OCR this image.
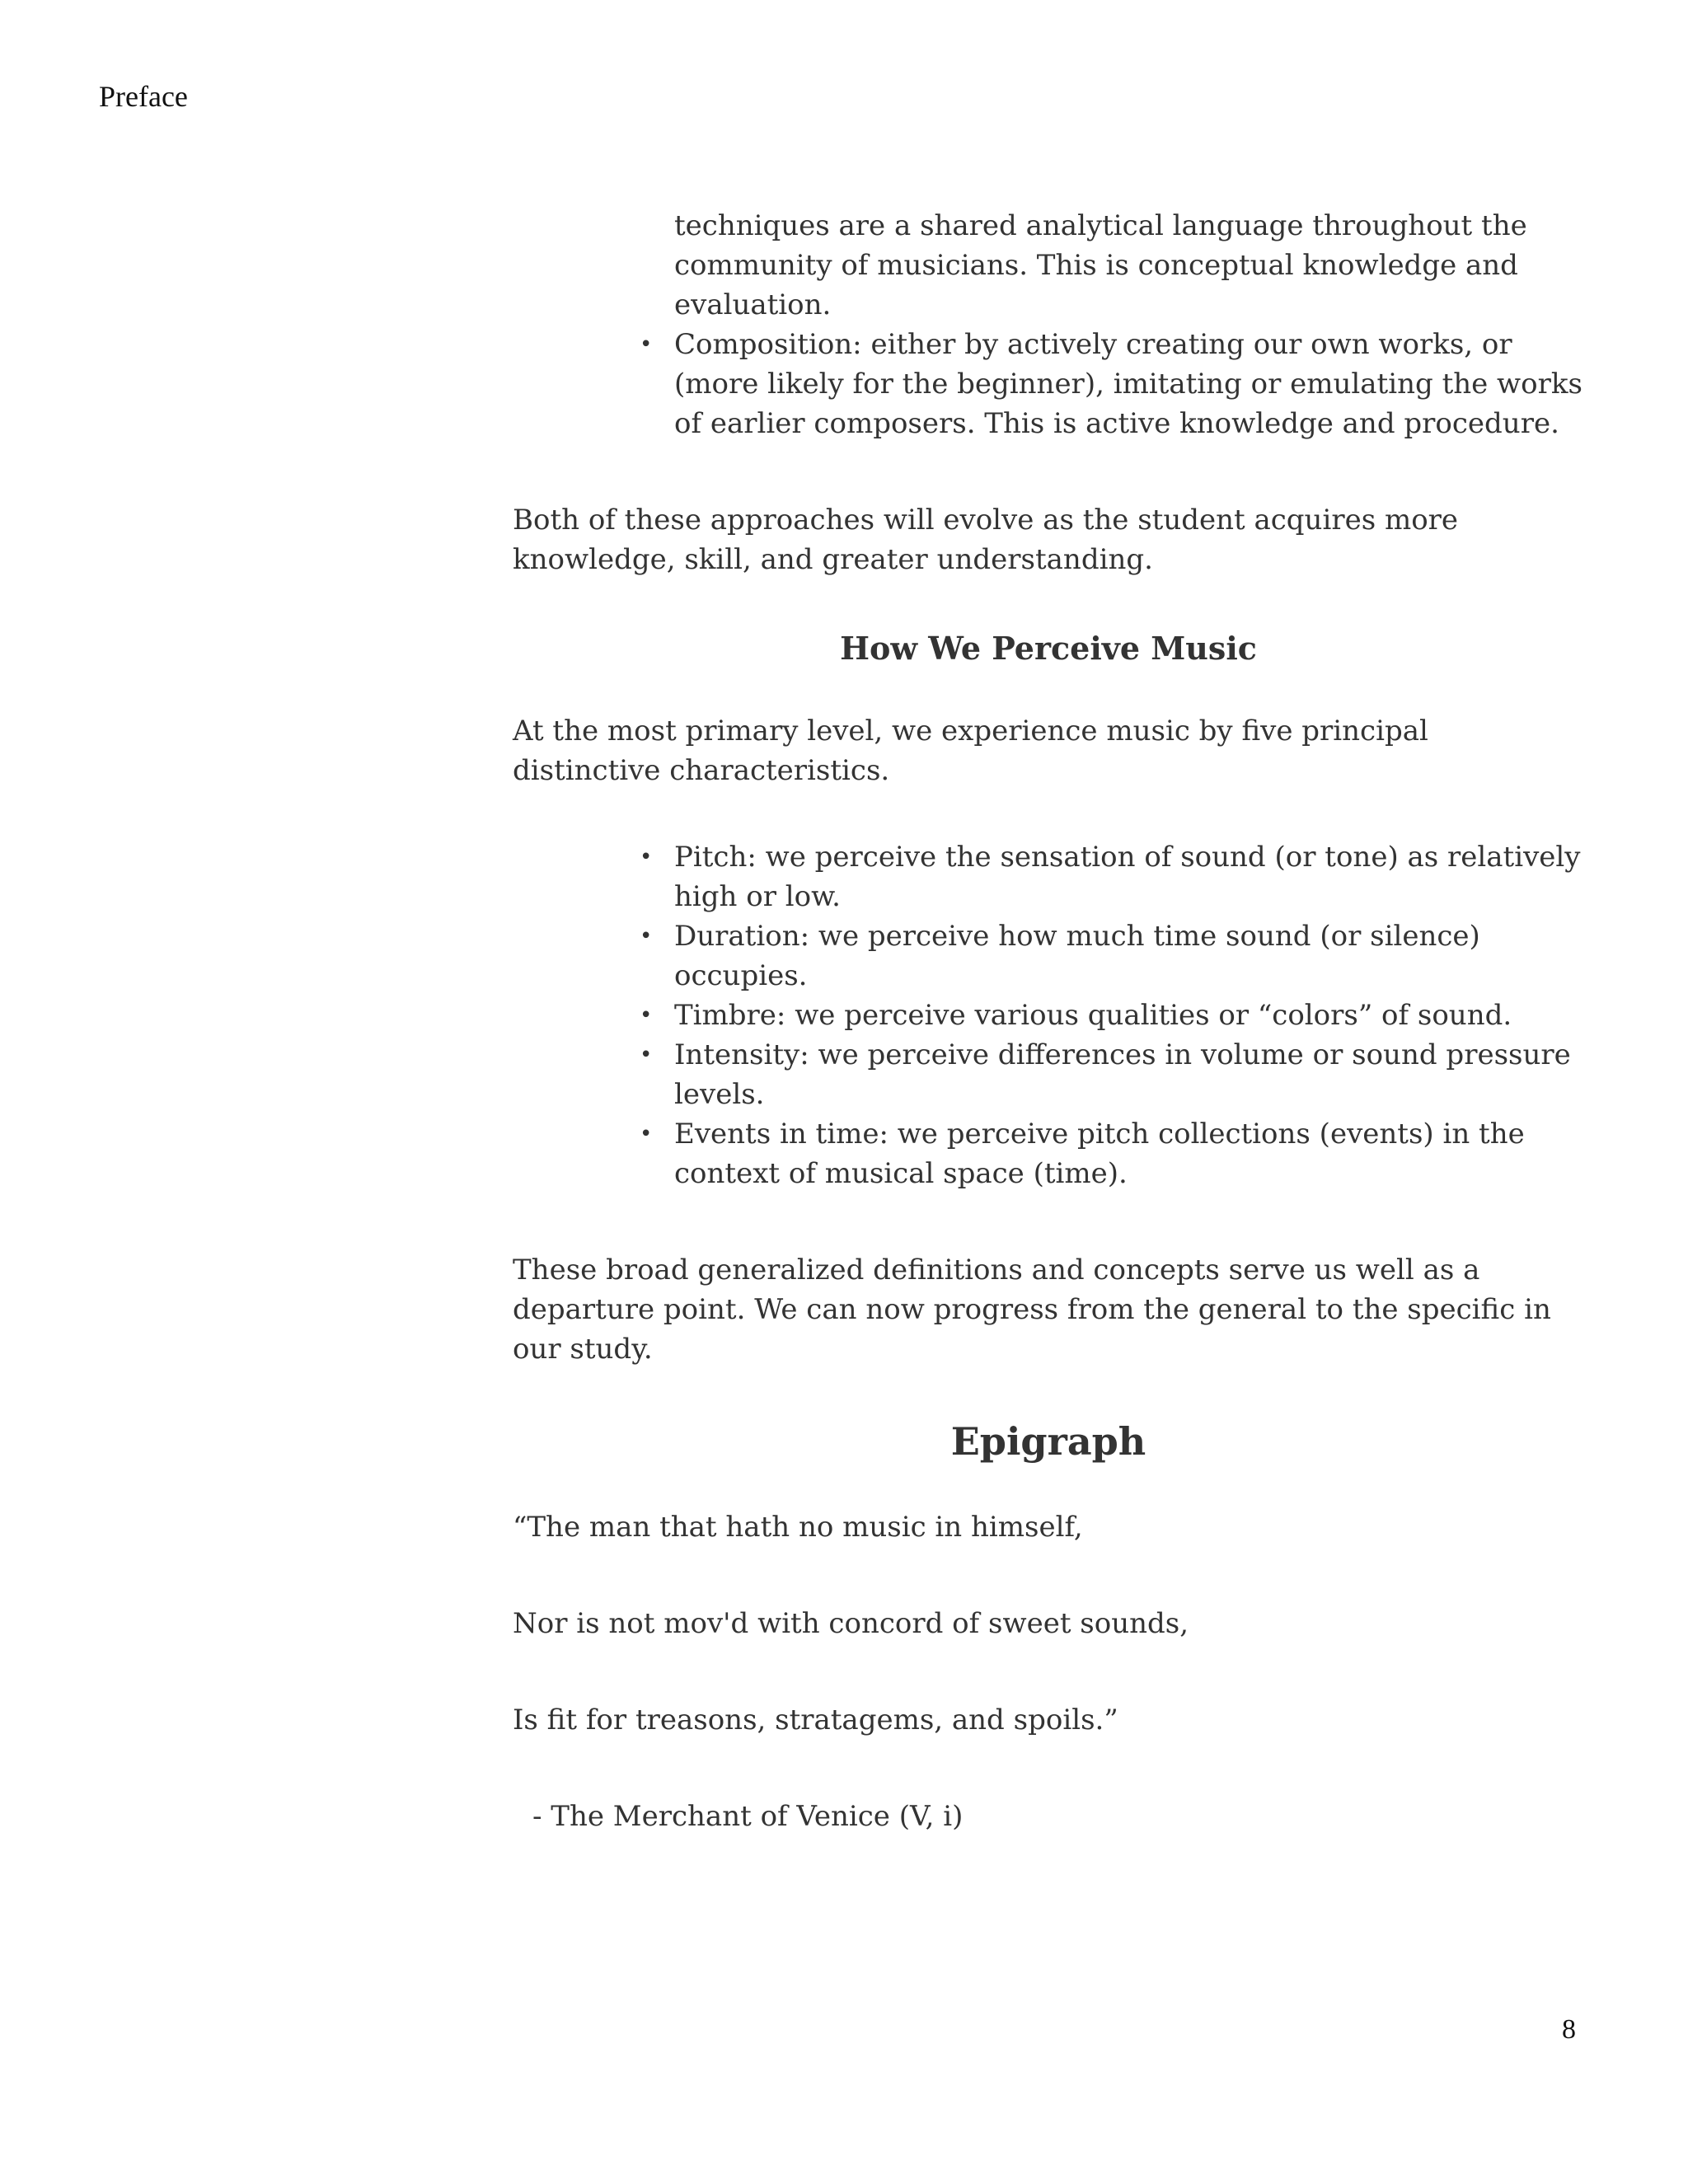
Preface
techniques are a shared analytical language throughout the community of musicians. This is conceptual knowledge and evaluation.
• Composition: either by actively creating our own works, or (more likely for the beginner), imitating or emulating the works of earlier composers. This is active knowledge and procedure.

Both of these approaches will evolve as the student acquires more knowledge, skill, and greater understanding.

How We Perceive Music

At the most primary level, we experience music by five principal distinctive characteristics.

• Pitch: we perceive the sensation of sound (or tone) as relatively high or low.
• Duration: we perceive how much time sound (or silence) occupies.
• Timbre: we perceive various qualities or “colors” of sound.
• Intensity: we perceive differences in volume or sound pressure levels.
• Events in time: we perceive pitch collections (events) in the context of musical space (time).

These broad generalized definitions and concepts serve us well as a departure point. We can now progress from the general to the specific in our study.

Epigraph

“The man that hath no music in himself,

Nor is not mov'd with concord of sweet sounds,

Is fit for treasons, stratagems, and spoils.”

- The Merchant of Venice (V, i)

8
